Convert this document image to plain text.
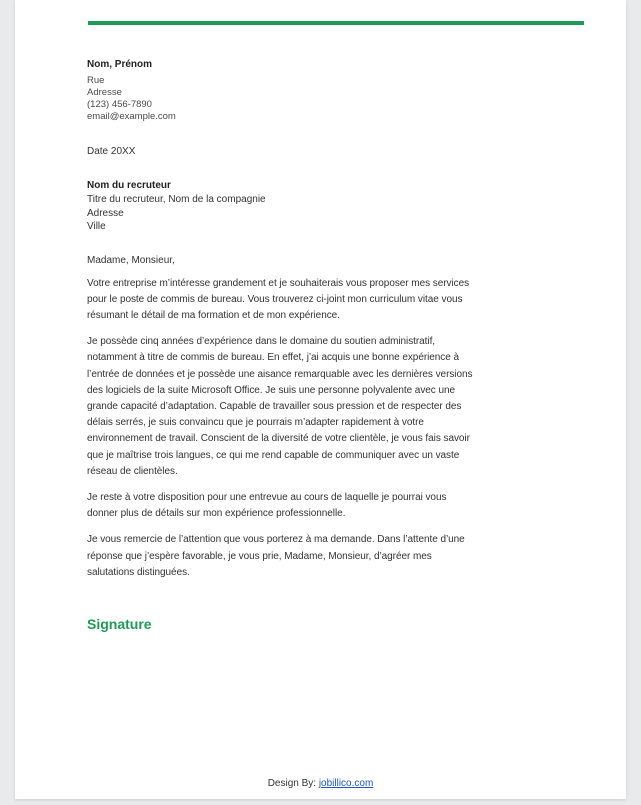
Nom, Prénom
Rue
Adresse
(123) 456-7890
email@example.com
Date 20XX
Nom du recruteur
Titre du recruteur, Nom de la compagnie
Adresse
Ville
Madame, Monsieur,

Votre entreprise m’intéresse grandement et je souhaiterais vous proposer mes services pour le poste de commis de bureau. Vous trouverez ci-joint mon curriculum vitae vous résumant le détail de ma formation et de mon expérience.

Je possède cinq années d’expérience dans le domaine du soutien administratif, notamment à titre de commis de bureau. En effet, j’ai acquis une bonne expérience à l’entrée de données et je possède une aisance remarquable avec les dernières versions des logiciels de la suite Microsoft Office. Je suis une personne polyvalente avec une grande capacité d’adaptation. Capable de travailler sous pression et de respecter des délais serrés, je suis convaincu que je pourrais m’adapter rapidement à votre environnement de travail. Conscient de la diversité de votre clientèle, je vous fais savoir que je maîtrise trois langues, ce qui me rend capable de communiquer avec un vaste réseau de clientèles.

Je reste à votre disposition pour une entrevue au cours de laquelle je pourrai vous donner plus de détails sur mon expérience professionnelle.

Je vous remercie de l’attention que vous porterez à ma demande. Dans l’attente d’une réponse que j’espère favorable, je vous prie, Madame, Monsieur, d’agréer mes salutations distinguées.

Signature
Design By: jobillico.com
